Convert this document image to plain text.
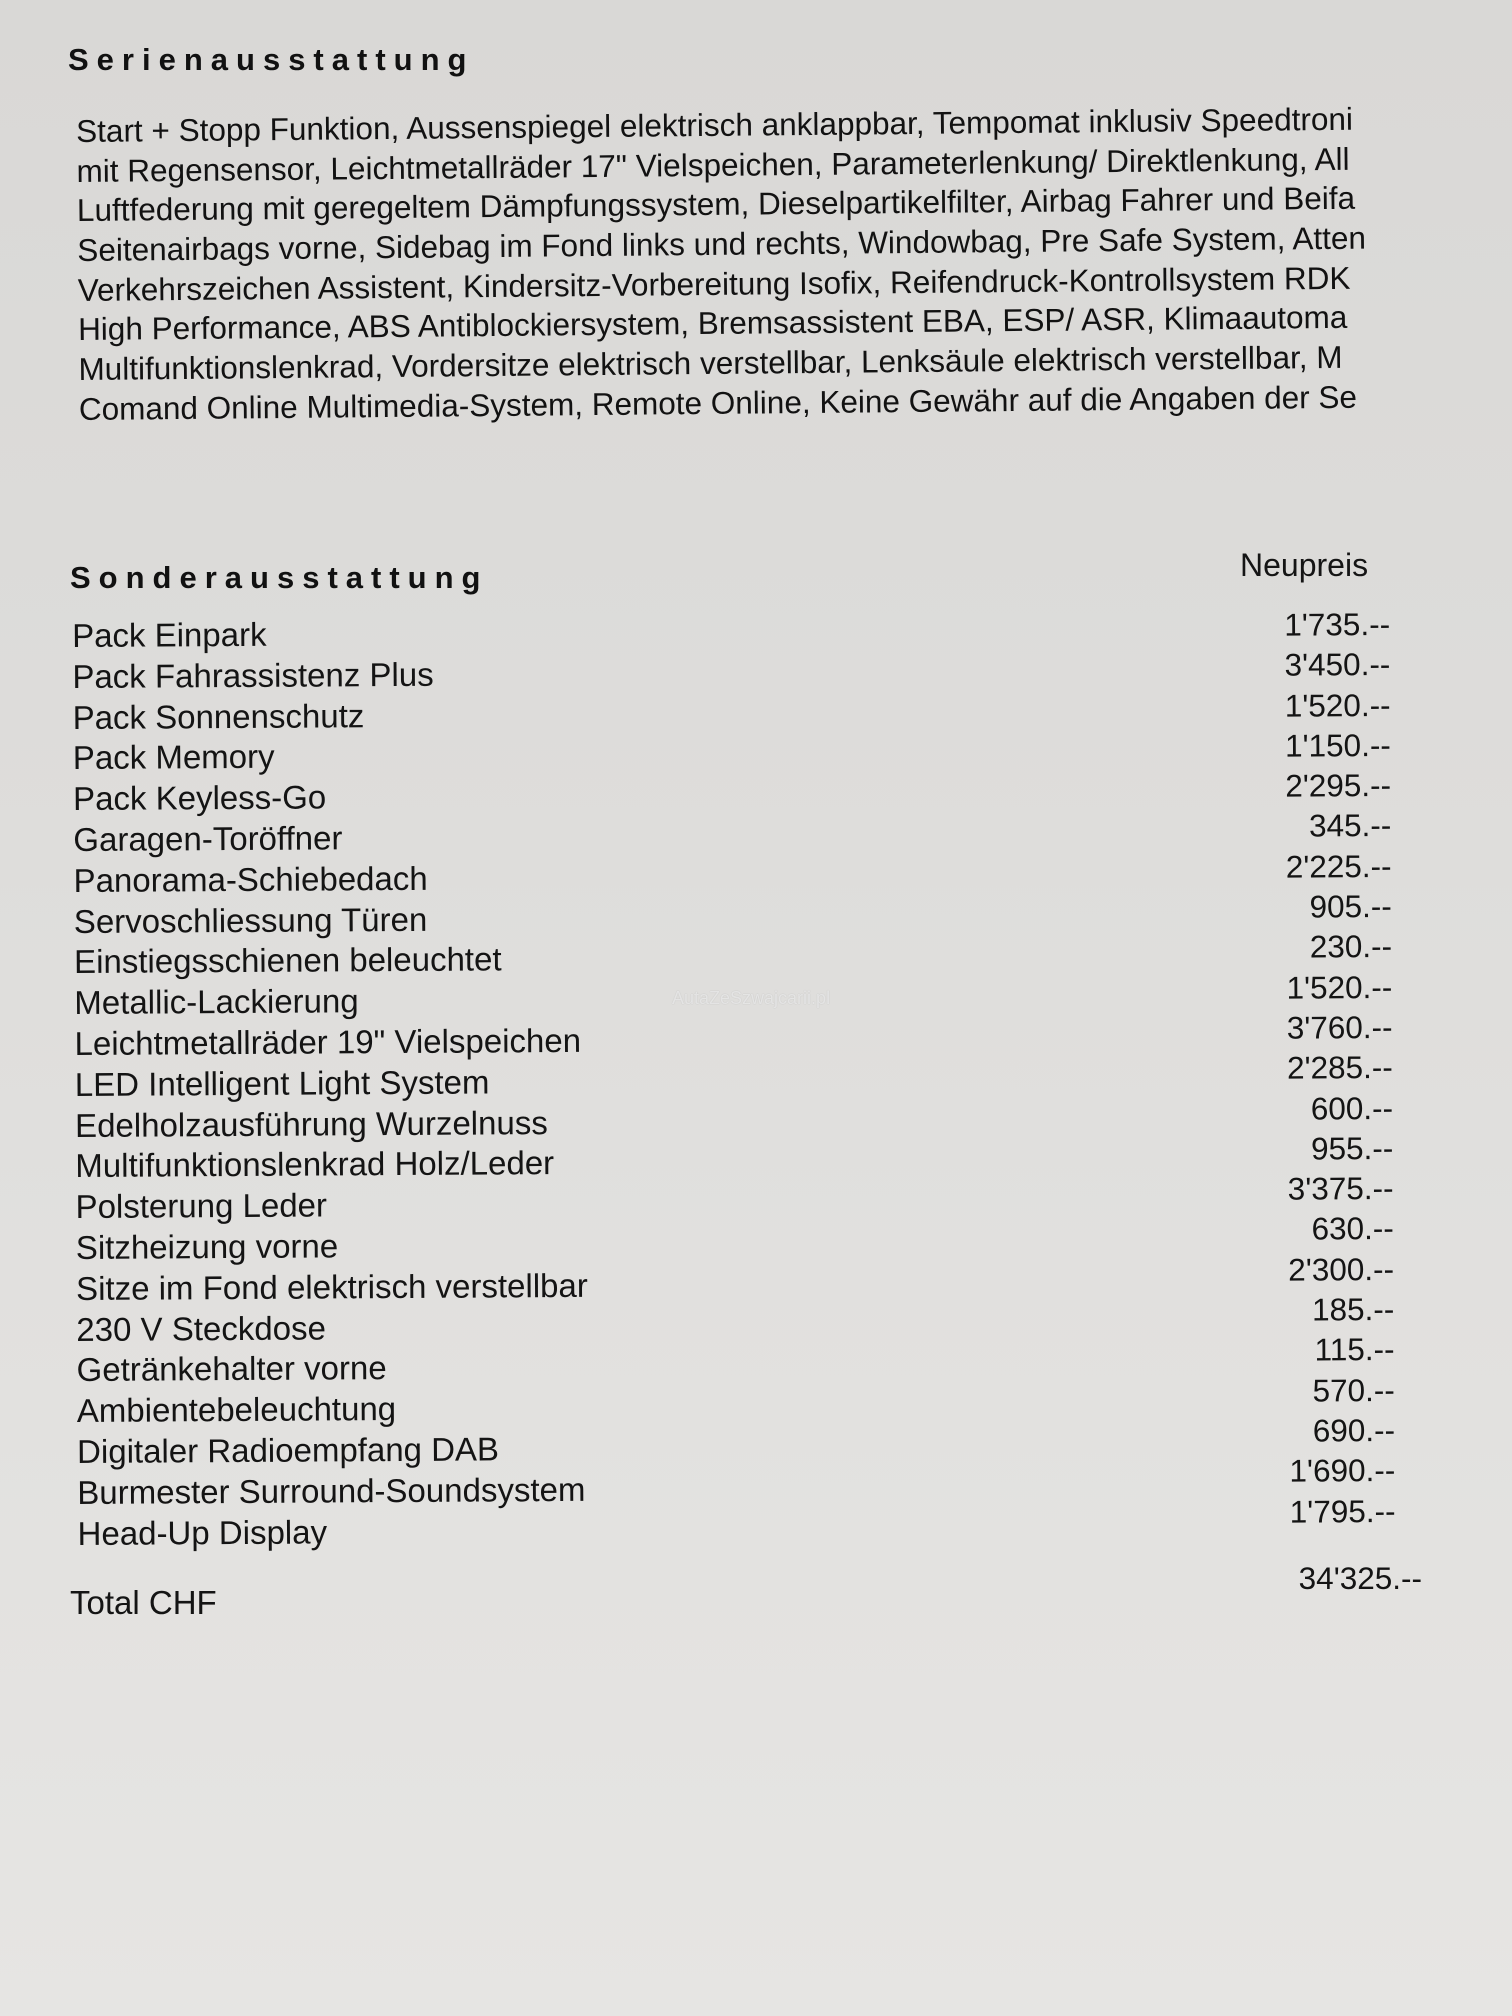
Serienausstattung
Start + Stopp Funktion, Aussenspiegel elektrisch anklappbar, Tempomat inklusiv Speedtroni
mit Regensensor, Leichtmetallräder 17" Vielspeichen, Parameterlenkung/ Direktlenkung, All
Luftfederung mit geregeltem Dämpfungssystem, Dieselpartikelfilter, Airbag Fahrer und Beifa
Seitenairbags vorne, Sidebag im Fond links und rechts, Windowbag, Pre Safe System, Atten
Verkehrszeichen Assistent, Kindersitz-Vorbereitung Isofix, Reifendruck-Kontrollsystem RDK
High Performance, ABS Antiblockiersystem, Bremsassistent EBA, ESP/ ASR, Klimaautoma
Multifunktionslenkrad, Vordersitze elektrisch verstellbar, Lenksäule elektrisch verstellbar, M
Comand Online Multimedia-System, Remote Online, Keine Gewähr auf die Angaben der Se
Sonderausstattung	Neupreis
Pack Einpark
Pack Fahrassistenz Plus
Pack Sonnenschutz
Pack Memory
Pack Keyless-Go
Garagen-Toröffner
Panorama-Schiebedach
Servoschliessung Türen
Einstiegsschienen beleuchtet
Metallic-Lackierung
Leichtmetallräder 19" Vielspeichen
LED Intelligent Light System
Edelholzausführung Wurzelnuss
Multifunktionslenkrad Holz/Leder
Polsterung Leder
Sitzheizung vorne
Sitze im Fond elektrisch verstellbar
230 V Steckdose
Getränkehalter vorne
Ambientebeleuchtung
Digitaler Radioempfang DAB
Burmester Surround-Soundsystem
Head-Up Display
1'735.--
3'450.--
1'520.--
1'150.--
2'295.--
345.--
2'225.--
905.--
230.--
1'520.--
3'760.--
2'285.--
600.--
955.--
3'375.--
630.--
2'300.--
185.--
115.--
570.--
690.--
1'690.--
1'795.--
AutaZeSzwajcarii.pl
Total CHF
34'325.--
